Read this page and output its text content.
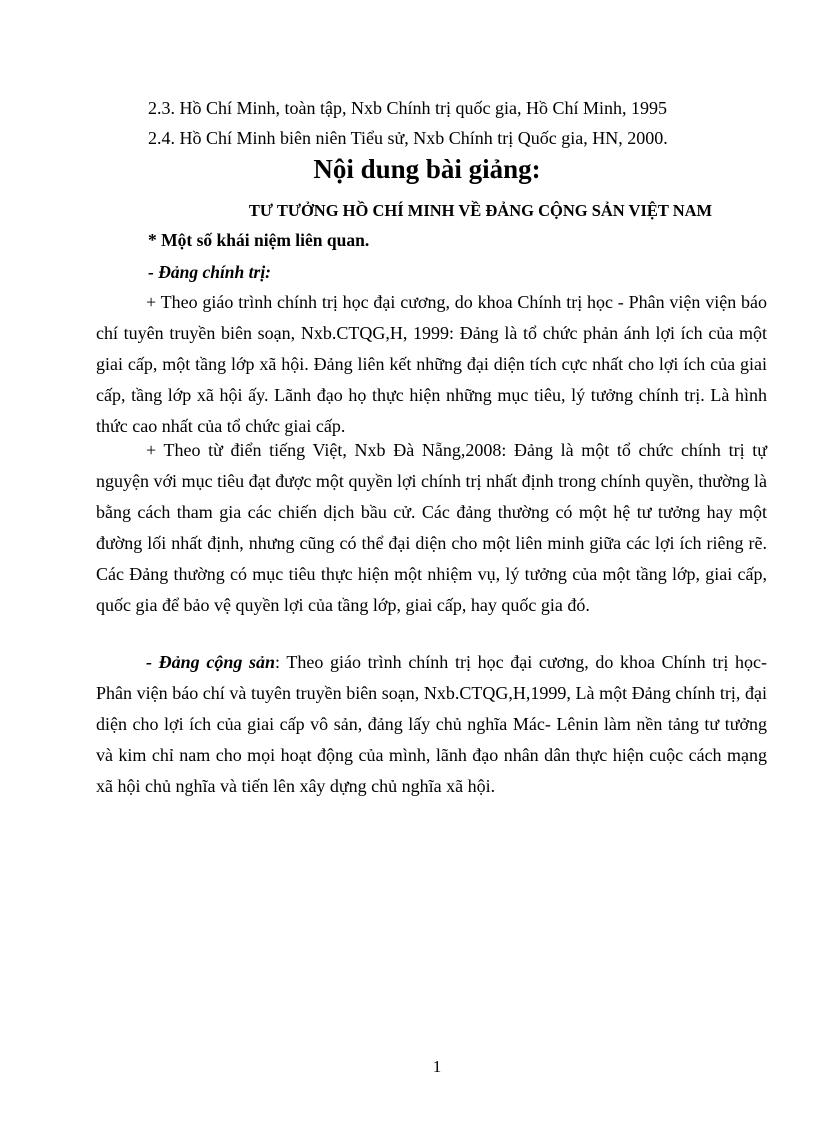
2.3. Hồ Chí Minh, toàn tập, Nxb Chính trị quốc gia, Hồ Chí Minh, 1995
2.4. Hồ Chí Minh biên niên Tiểu sử, Nxb Chính trị Quốc gia, HN, 2000.
Nội dung bài giảng:
TƯ TƯỞNG HỒ CHÍ MINH VỀ ĐẢNG CỘNG SẢN VIỆT NAM
* Một số khái niệm liên quan.
- Đảng chính trị:

+ Theo giáo trình chính trị học đại cương, do khoa Chính trị học - Phân viện viện báo chí tuyên truyền biên soạn, Nxb.CTQG,H, 1999: Đảng là tổ chức phản ánh lợi ích của một giai cấp, một tầng lớp xã hội. Đảng liên kết những đại diện tích cực nhất cho lợi ích của giai cấp, tầng lớp xã hội ấy. Lãnh đạo họ thực hiện những mục tiêu, lý tưởng chính trị. Là hình thức cao nhất của tổ chức giai cấp.

+ Theo từ điển tiếng Việt, Nxb Đà Nẵng,2008: Đảng là một tổ chức chính trị tự nguyện với mục tiêu đạt được một quyền lợi chính trị nhất định trong chính quyền, thường là bằng cách tham gia các chiến dịch bầu cử. Các đảng thường có một hệ tư tưởng hay một đường lối nhất định, nhưng cũng có thể đại diện cho một liên minh giữa các lợi ích riêng rẽ. Các Đảng thường có mục tiêu thực hiện một nhiệm vụ, lý tưởng của một tầng lớp, giai cấp, quốc gia để bảo vệ quyền lợi của tầng lớp, giai cấp, hay quốc gia đó.

- Đảng cộng sản: Theo giáo trình chính trị học đại cương, do khoa Chính trị học- Phân viện báo chí và tuyên truyền biên soạn, Nxb.CTQG,H,1999, Là một Đảng chính trị, đại diện cho lợi ích của giai cấp vô sản, đảng lấy chủ nghĩa Mác- Lênin làm nền tảng tư tưởng và kim chỉ nam cho mọi hoạt động của mình, lãnh đạo nhân dân thực hiện cuộc cách mạng xã hội chủ nghĩa và tiến lên xây dựng chủ nghĩa xã hội.

1
